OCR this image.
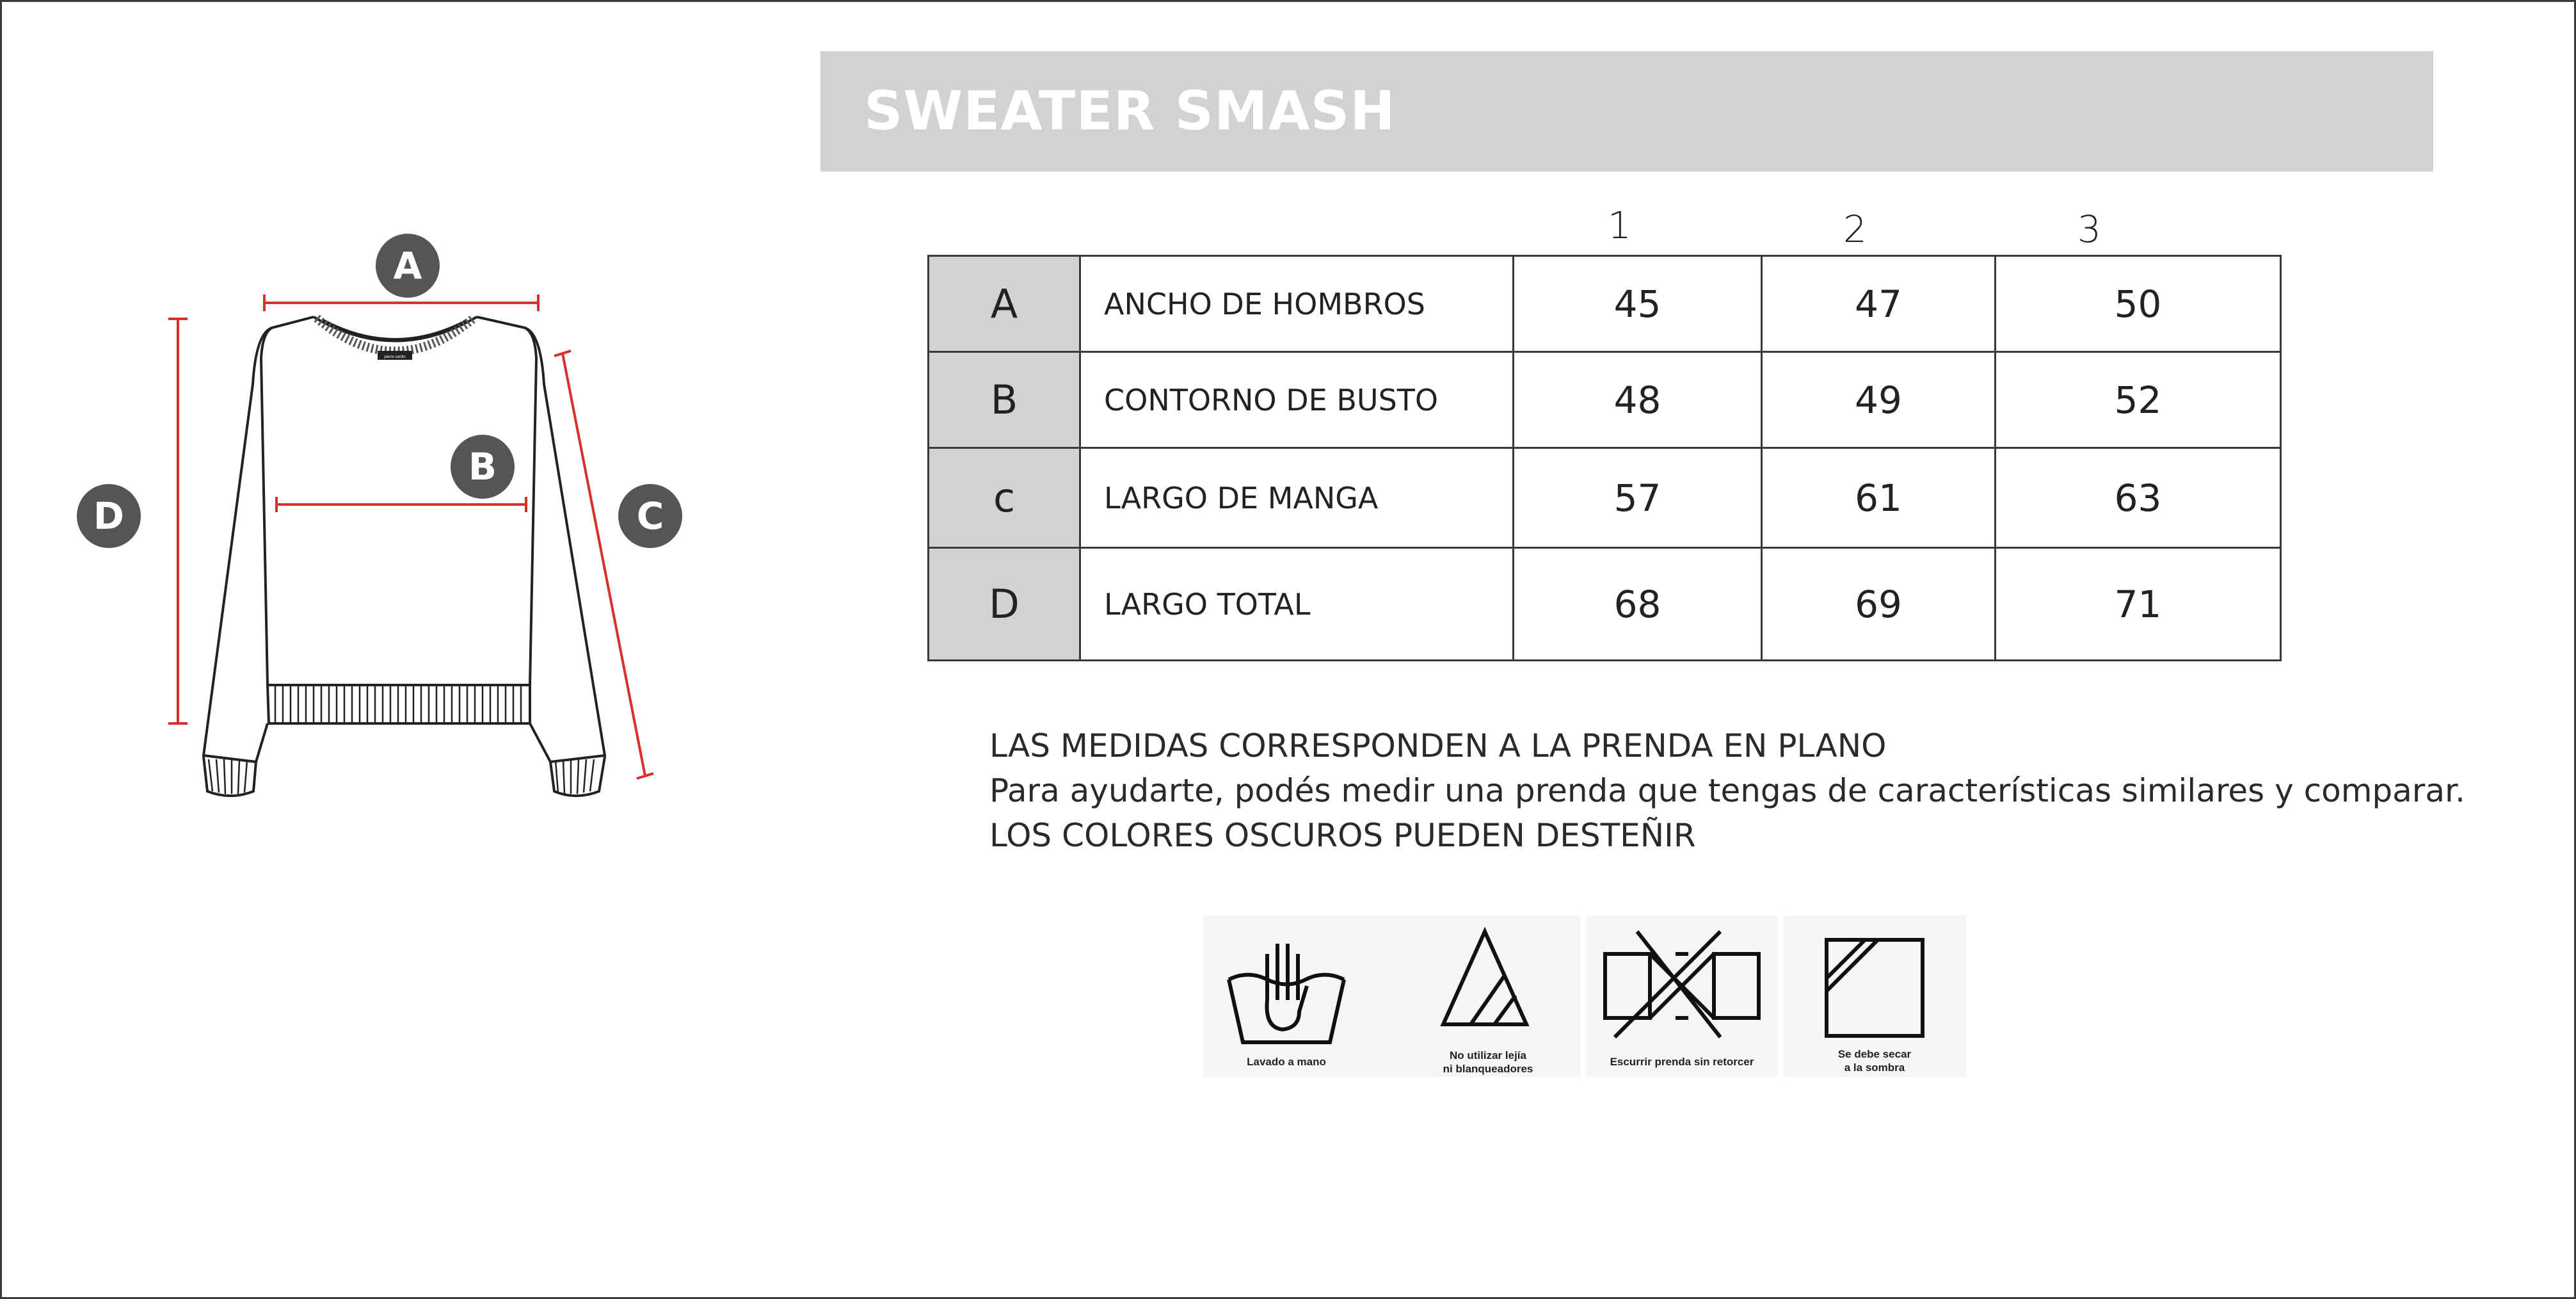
SWEATER SMASH
A
B
C
D
pierre cardin
1	2	3
A	ANCHO DE HOMBROS	45	47	50
B	CONTORNO DE BUSTO	48	49	52
c	LARGO DE MANGA	57	61	63
D	LARGO TOTAL	68	69	71
LAS MEDIDAS CORRESPONDEN A LA PRENDA EN PLANO
Para ayudarte, podés medir una prenda que tengas de características similares y comparar.
LOS COLORES OSCUROS PUEDEN DESTEÑIR
Lavado a mano
No utilizar lejía
ni blanqueadores
Escurrir prenda sin retorcer
Se debe secar
a la sombra
